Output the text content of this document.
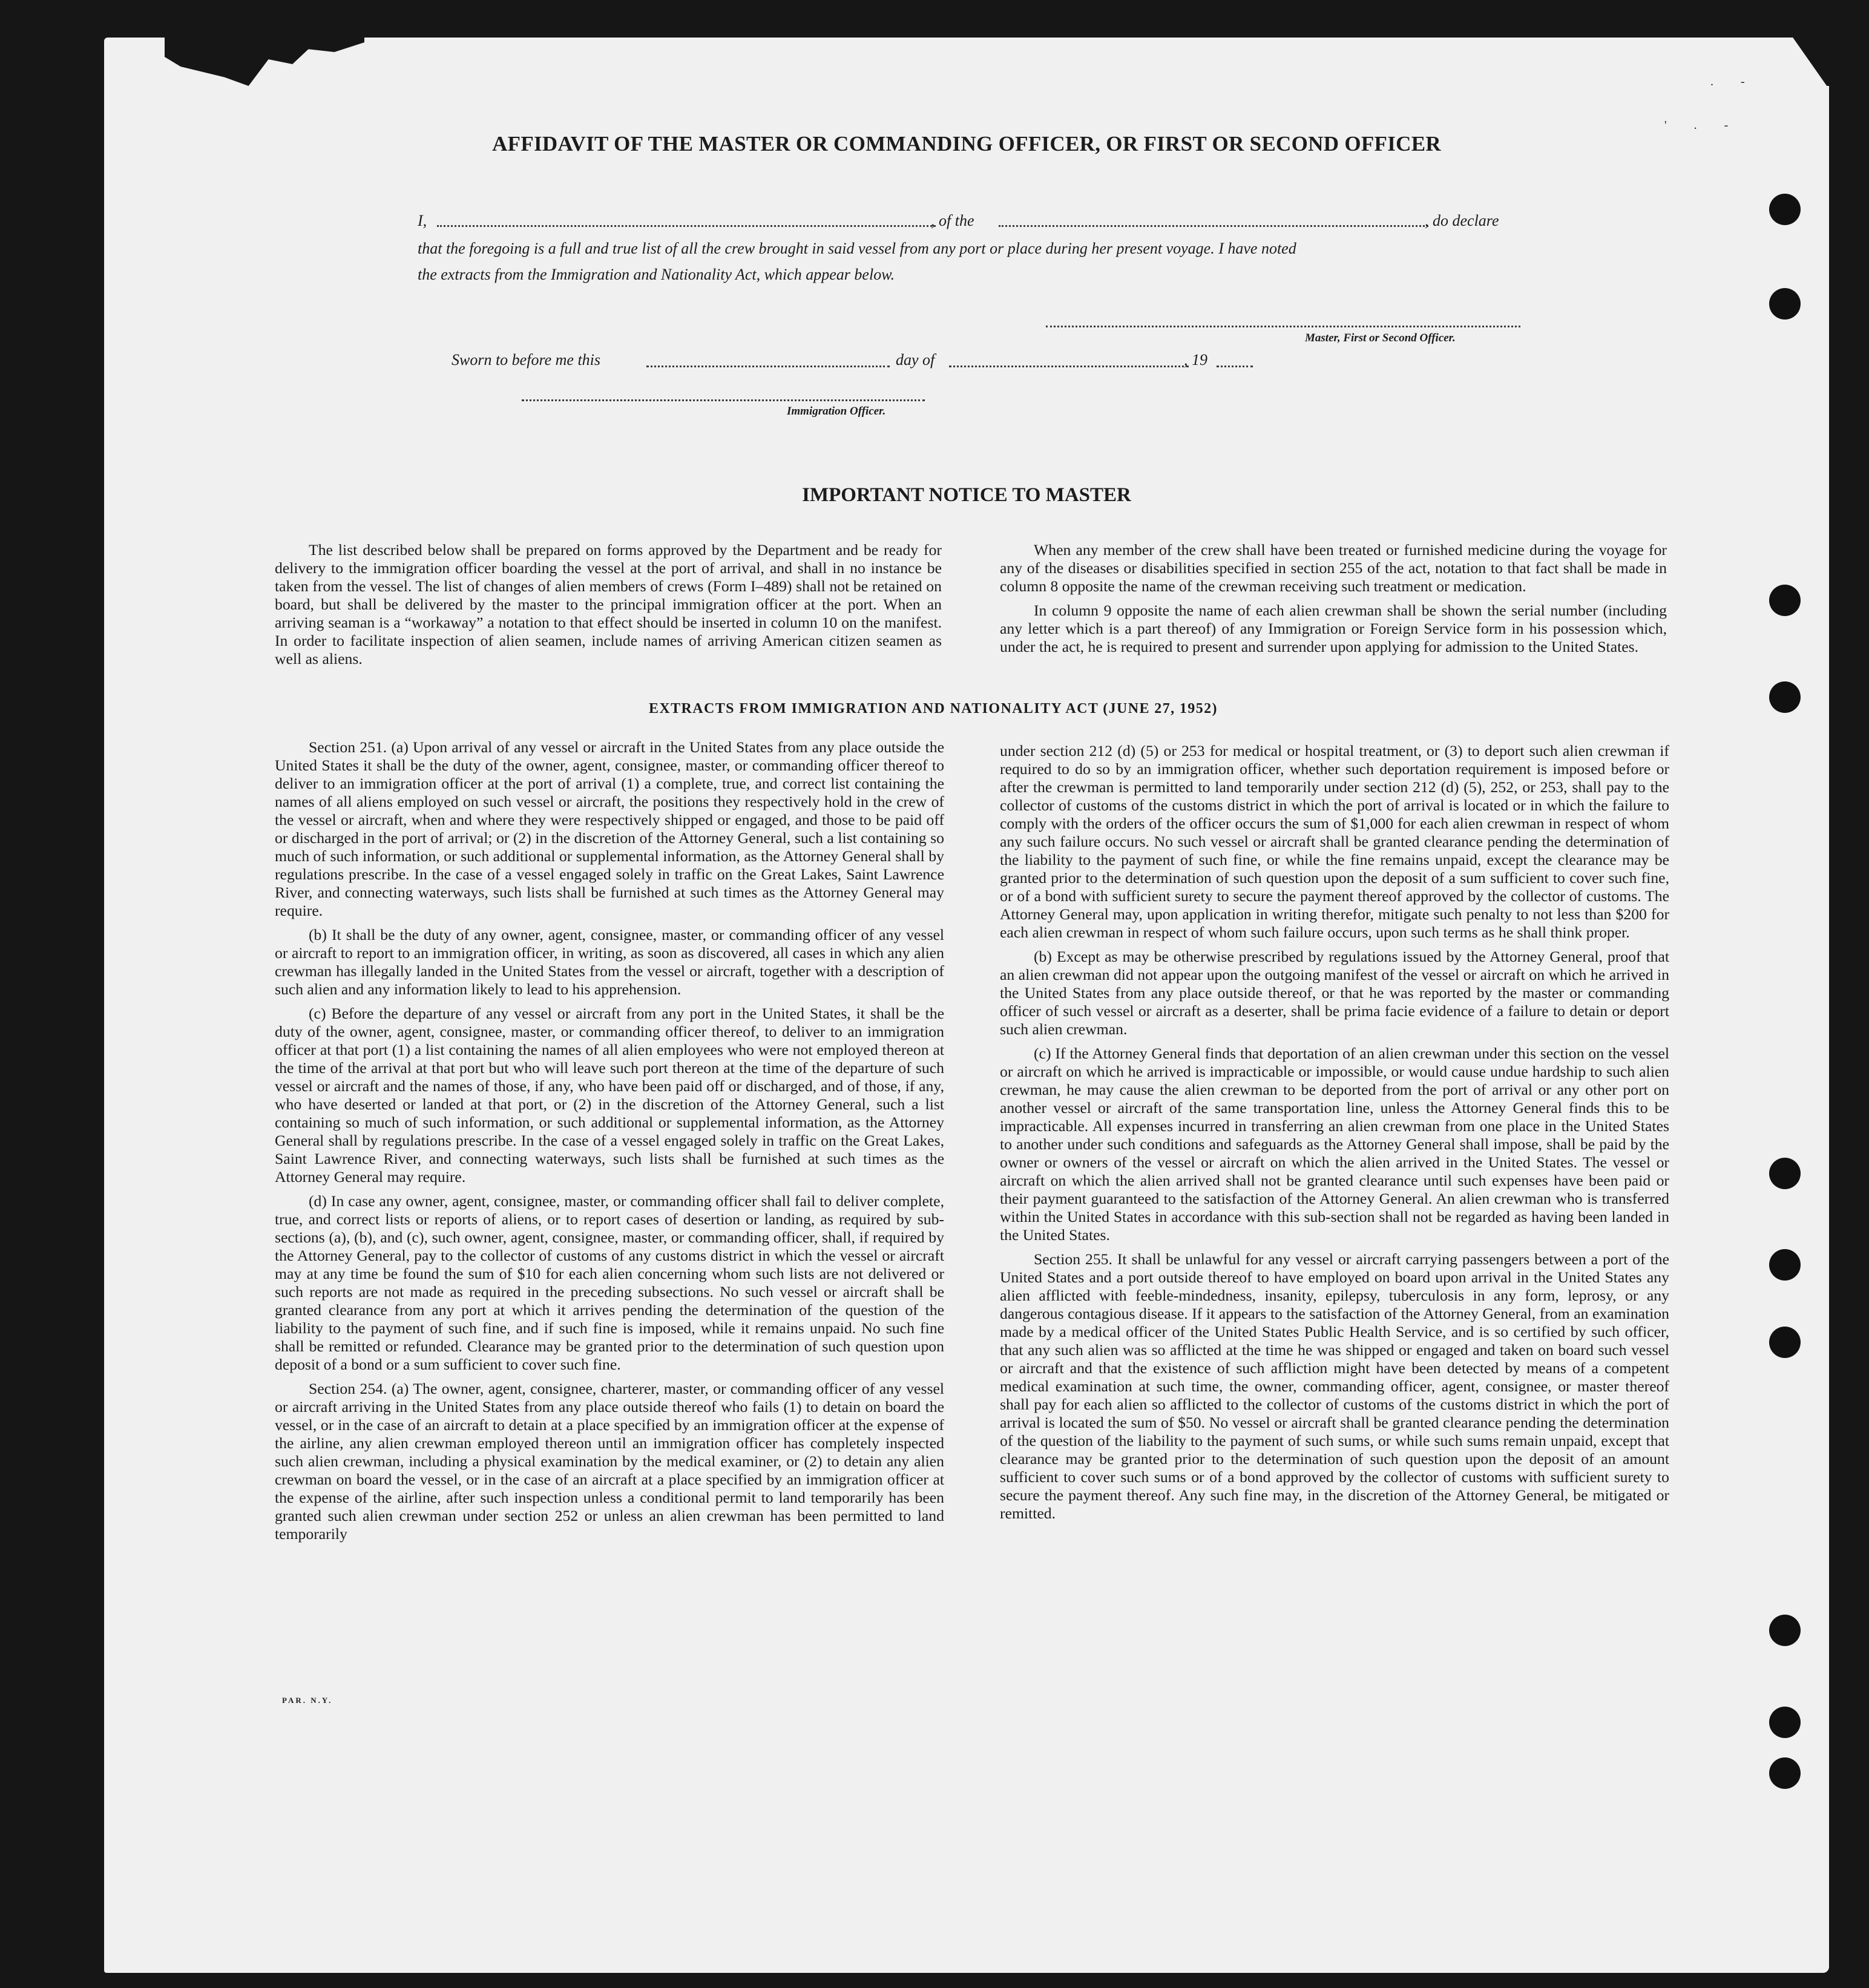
. -
' . -
AFFIDAVIT OF THE MASTER OR COMMANDING OFFICER, OR FIRST OR SECOND OFFICER
I,	, of the	, do declare
that the foregoing is a full and true list of all the crew brought in said vessel from any port or place during her present voyage. I have noted
the extracts from the Immigration and Nationality Act, which appear below.
Master, First or Second Officer.
Sworn to before me this	day of	, 19
Immigration Officer.
IMPORTANT NOTICE TO MASTER

The list described below shall be prepared on forms approved by the Department and be ready for delivery to the immigration officer boarding the vessel at the port of arrival, and shall in no instance be taken from the vessel. The list of changes of alien members of crews (Form I–489) shall not be retained on board, but shall be delivered by the master to the principal immigration officer at the port. When an arriving seaman is a “workaway” a notation to that effect should be inserted in column 10 on the manifest. In order to facilitate inspection of alien seamen, include names of arriving American citizen seamen as well as aliens.

When any member of the crew shall have been treated or furnished medicine during the voyage for any of the diseases or disabilities specified in section 255 of the act, notation to that fact shall be made in column 8 opposite the name of the crewman receiving such treatment or medication.

In column 9 opposite the name of each alien crewman shall be shown the serial number (including any letter which is a part thereof) of any Immigration or Foreign Service form in his possession which, under the act, he is required to present and surrender upon applying for admission to the United States.

EXTRACTS FROM IMMIGRATION AND NATIONALITY ACT (JUNE 27, 1952)

Section 251. (a) Upon arrival of any vessel or aircraft in the United States from any place outside the United States it shall be the duty of the owner, agent, consignee, master, or commanding officer thereof to deliver to an immigration officer at the port of arrival (1) a complete, true, and correct list containing the names of all aliens employed on such vessel or aircraft, the positions they respectively hold in the crew of the vessel or aircraft, when and where they were respectively shipped or engaged, and those to be paid off or discharged in the port of arrival; or (2) in the discretion of the Attorney General, such a list containing so much of such information, or such additional or supplemental information, as the Attorney General shall by regulations prescribe. In the case of a vessel engaged solely in traffic on the Great Lakes, Saint Lawrence River, and connecting waterways, such lists shall be furnished at such times as the Attorney General may require.

(b) It shall be the duty of any owner, agent, consignee, master, or commanding officer of any vessel or aircraft to report to an immigration officer, in writing, as soon as discovered, all cases in which any alien crewman has illegally landed in the United States from the vessel or aircraft, together with a description of such alien and any information likely to lead to his apprehension.

(c) Before the departure of any vessel or aircraft from any port in the United States, it shall be the duty of the owner, agent, consignee, master, or commanding officer thereof, to deliver to an immigration officer at that port (1) a list containing the names of all alien employees who were not employed thereon at the time of the arrival at that port but who will leave such port thereon at the time of the departure of such vessel or aircraft and the names of those, if any, who have been paid off or discharged, and of those, if any, who have deserted or landed at that port, or (2) in the discretion of the Attorney General, such a list containing so much of such information, or such additional or supplemental information, as the Attorney General shall by regulations prescribe. In the case of a vessel engaged solely in traffic on the Great Lakes, Saint Lawrence River, and connecting waterways, such lists shall be furnished at such times as the Attorney General may require.

(d) In case any owner, agent, consignee, master, or commanding officer shall fail to deliver complete, true, and correct lists or reports of aliens, or to report cases of desertion or landing, as required by sub-sections (a), (b), and (c), such owner, agent, consignee, master, or commanding officer, shall, if required by the Attorney General, pay to the collector of customs of any customs district in which the vessel or aircraft may at any time be found the sum of $10 for each alien concerning whom such lists are not delivered or such reports are not made as required in the preceding subsections. No such vessel or aircraft shall be granted clearance from any port at which it arrives pending the determination of the question of the liability to the payment of such fine, and if such fine is imposed, while it remains unpaid. No such fine shall be remitted or refunded. Clearance may be granted prior to the determination of such question upon deposit of a bond or a sum sufficient to cover such fine.

Section 254. (a) The owner, agent, consignee, charterer, master, or commanding officer of any vessel or aircraft arriving in the United States from any place outside thereof who fails (1) to detain on board the vessel, or in the case of an aircraft to detain at a place specified by an immigration officer at the expense of the airline, any alien crewman employed thereon until an immigration officer has completely inspected such alien crewman, including a physical examination by the medical examiner, or (2) to detain any alien crewman on board the vessel, or in the case of an aircraft at a place specified by an immigration officer at the expense of the airline, after such inspection unless a conditional permit to land temporarily has been granted such alien crewman under section 252 or unless an alien crewman has been permitted to land temporarily

under section 212 (d) (5) or 253 for medical or hospital treatment, or (3) to deport such alien crewman if required to do so by an immigration officer, whether such deportation requirement is imposed before or after the crewman is permitted to land temporarily under section 212 (d) (5), 252, or 253, shall pay to the collector of customs of the customs district in which the port of arrival is located or in which the failure to comply with the orders of the officer occurs the sum of $1,000 for each alien crewman in respect of whom any such failure occurs. No such vessel or aircraft shall be granted clearance pending the determination of the liability to the payment of such fine, or while the fine remains unpaid, except the clearance may be granted prior to the determination of such question upon the deposit of a sum sufficient to cover such fine, or of a bond with sufficient surety to secure the payment thereof approved by the collector of customs. The Attorney General may, upon application in writing therefor, mitigate such penalty to not less than $200 for each alien crewman in respect of whom such failure occurs, upon such terms as he shall think proper.

(b) Except as may be otherwise prescribed by regulations issued by the Attorney General, proof that an alien crewman did not appear upon the outgoing manifest of the vessel or aircraft on which he arrived in the United States from any place outside thereof, or that he was reported by the master or commanding officer of such vessel or aircraft as a deserter, shall be prima facie evidence of a failure to detain or deport such alien crewman.

(c) If the Attorney General finds that deportation of an alien crewman under this section on the vessel or aircraft on which he arrived is impracticable or impossible, or would cause undue hardship to such alien crewman, he may cause the alien crewman to be deported from the port of arrival or any other port on another vessel or aircraft of the same transportation line, unless the Attorney General finds this to be impracticable. All expenses incurred in transferring an alien crewman from one place in the United States to another under such conditions and safeguards as the Attorney General shall impose, shall be paid by the owner or owners of the vessel or aircraft on which the alien arrived in the United States. The vessel or aircraft on which the alien arrived shall not be granted clearance until such expenses have been paid or their payment guaranteed to the satisfaction of the Attorney General. An alien crewman who is transferred within the United States in accordance with this sub-section shall not be regarded as having been landed in the United States.

Section 255. It shall be unlawful for any vessel or aircraft carrying passengers between a port of the United States and a port outside thereof to have employed on board upon arrival in the United States any alien afflicted with feeble-mindedness, insanity, epilepsy, tuberculosis in any form, leprosy, or any dangerous contagious disease. If it appears to the satisfaction of the Attorney General, from an examination made by a medical officer of the United States Public Health Service, and is so certified by such officer, that any such alien was so afflicted at the time he was shipped or engaged and taken on board such vessel or aircraft and that the existence of such affliction might have been detected by means of a competent medical examination at such time, the owner, commanding officer, agent, consignee, or master thereof shall pay for each alien so afflicted to the collector of customs of the customs district in which the port of arrival is located the sum of $50. No vessel or aircraft shall be granted clearance pending the determination of the question of the liability to the payment of such sums, or while such sums remain unpaid, except that clearance may be granted prior to the determination of such question upon the deposit of an amount sufficient to cover such sums or of a bond approved by the collector of customs with sufficient surety to secure the payment thereof. Any such fine may, in the discretion of the Attorney General, be mitigated or remitted.

PAR. N.Y.
